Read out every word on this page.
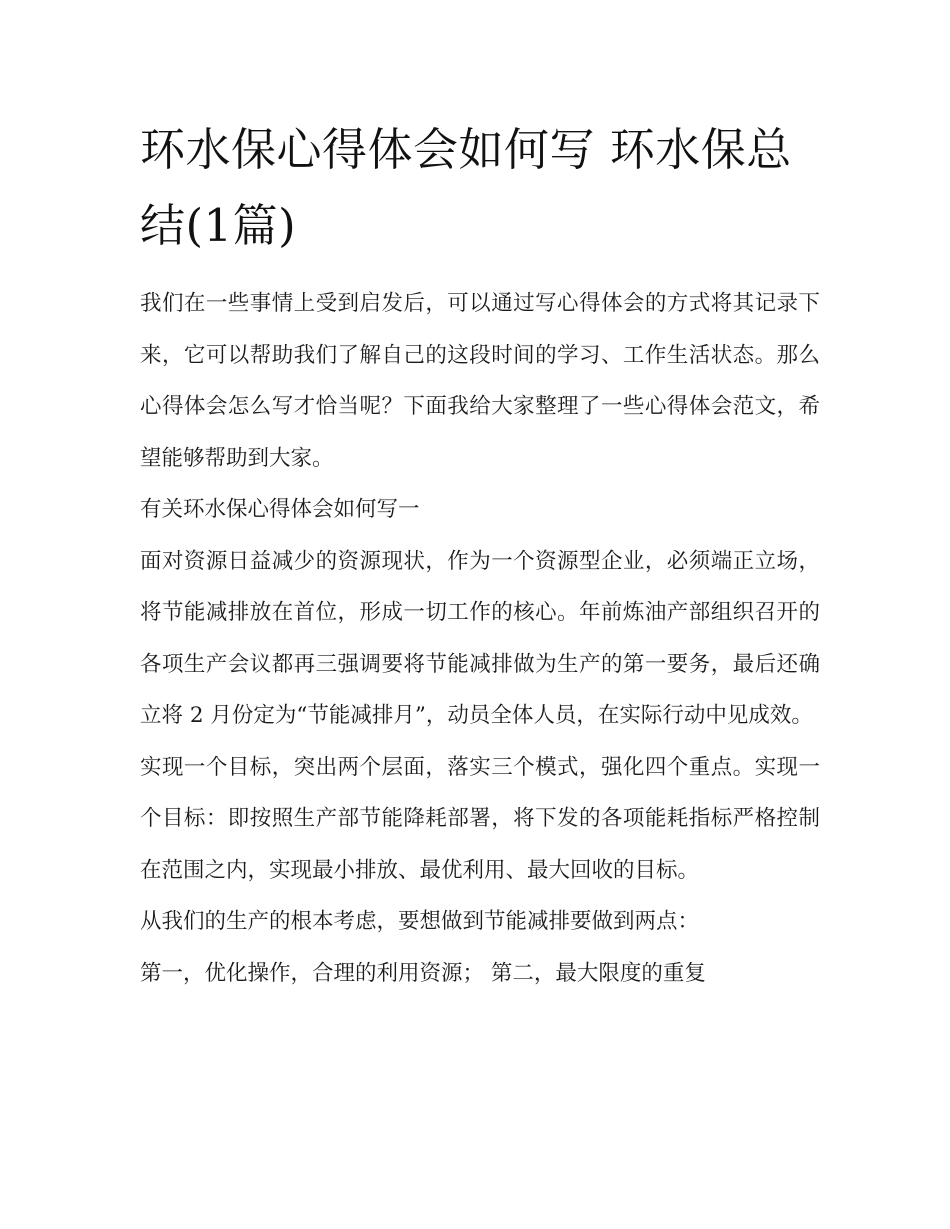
环水保心得体会如何写 环水保总结(1篇)

我们在一些事情上受到启发后，可以通过写心得体会的方式将其记录下来，它可以帮助我们了解自己的这段时间的学习、工作生活状态。那么心得体会怎么写才恰当呢？下面我给大家整理了一些心得体会范文，希望能够帮助到大家。

有关环水保心得体会如何写一

面对资源日益减少的资源现状，作为一个资源型企业，必须端正立场，将节能减排放在首位，形成一切工作的核心。年前炼油产部组织召开的各项生产会议都再三强调要将节能减排做为生产的第一要务，最后还确立将 2 月份定为“节能减排月”，动员全体人员，在实际行动中见成效。

实现一个目标，突出两个层面，落实三个模式，强化四个重点。实现一个目标：即按照生产部节能降耗部署，将下发的各项能耗指标严格控制在范围之内，实现最小排放、最优利用、最大回收的目标。

从我们的生产的根本考虑，要想做到节能减排要做到两点：

第一，优化操作，合理的利用资源； 第二，最大限度的重复
